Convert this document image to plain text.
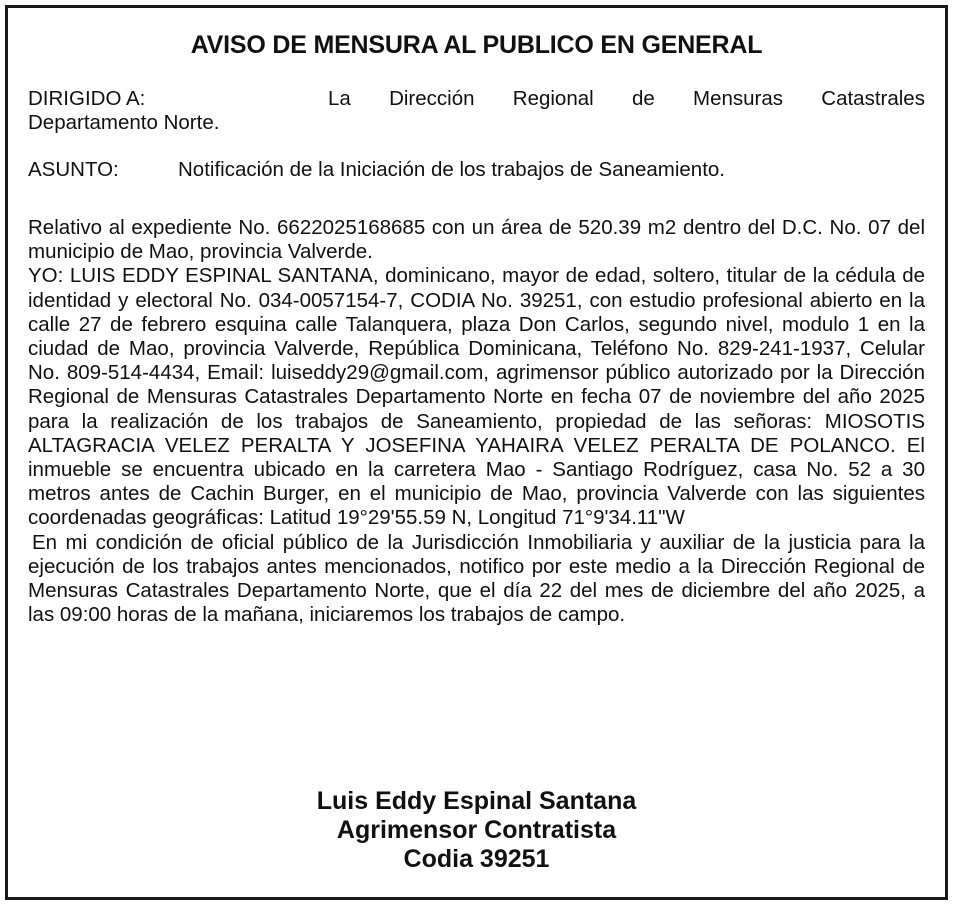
AVISO DE MENSURA AL PUBLICO EN GENERAL
DIRIGIDO A:	La Dirección Regional de Mensuras Catastrales
Departamento Norte.
ASUNTO:	Notificación de la Iniciación de los trabajos de Saneamiento.

Relativo al expediente No. 6622025168685 con un área de 520.39 m2 dentro del D.C. No. 07 del municipio de Mao, provincia Valverde.

YO: LUIS EDDY ESPINAL SANTANA, dominicano, mayor de edad, soltero, titular de la cédula de identidad y electoral No. 034-0057154-7, CODIA No. 39251, con estudio profesional abierto en la calle 27 de febrero esquina calle Talanquera, plaza Don Carlos, segundo nivel, modulo 1 en la ciudad de Mao, provincia Valverde, República Dominicana, Teléfono No. 829-241-1937, Celular No. 809-514-4434, Email: luiseddy29@gmail.com, agrimensor público autorizado por la Dirección Regional de Mensuras Catastrales Departamento Norte en fecha 07 de noviembre del año 2025 para la realización de los trabajos de Saneamiento, propiedad de las señoras: MIOSOTIS ALTAGRACIA VELEZ PERALTA Y JOSEFINA YAHAIRA VELEZ PERALTA DE POLANCO. El inmueble se encuentra ubicado en la carretera Mao - Santiago Rodríguez, casa No. 52 a 30 metros antes de Cachin Burger, en el municipio de Mao, provincia Valverde con las siguientes coordenadas geográficas: Latitud 19°29'55.59 N, Longitud 71°9'34.11"W

En mi condición de oficial público de la Jurisdicción Inmobiliaria y auxiliar de la justicia para la ejecución de los trabajos antes mencionados, notifico por este medio a la Dirección Regional de Mensuras Catastrales Departamento Norte, que el día 22 del mes de diciembre del año 2025, a las 09:00 horas de la mañana, iniciaremos los trabajos de campo.

Luis Eddy Espinal Santana
Agrimensor Contratista
Codia 39251
